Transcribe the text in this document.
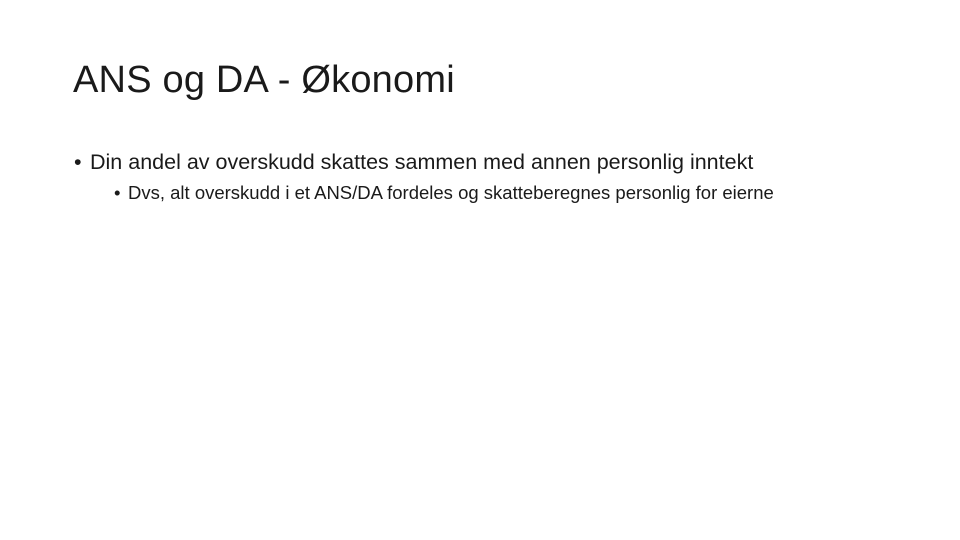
ANS og DA - Økonomi
• Din andel av overskudd skattes sammen med annen personlig inntekt
• Dvs, alt overskudd i et ANS/DA fordeles og skatteberegnes personlig for eierne
